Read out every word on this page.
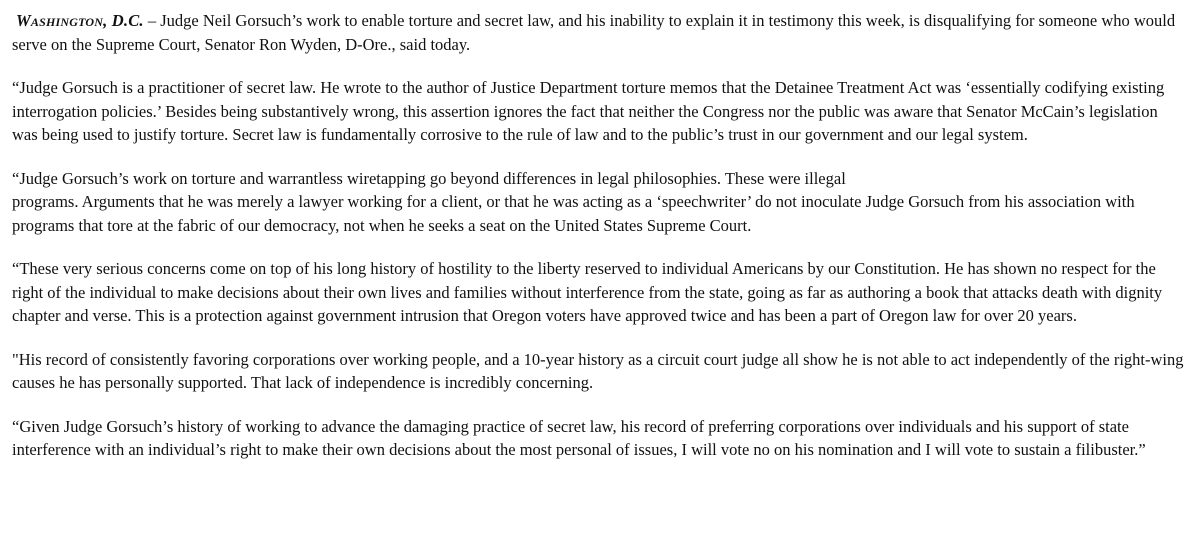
Washington, D.C. – Judge Neil Gorsuch’s work to enable torture and secret law, and his inability to explain it in testimony this week, is disqualifying for someone who would serve on the Supreme Court, Senator Ron Wyden, D-Ore., said today.

“Judge Gorsuch is a practitioner of secret law. He wrote to the author of Justice Department torture memos that the Detainee Treatment Act was ‘essentially codifying existing interrogation policies.’ Besides being substantively wrong, this assertion ignores the fact that neither the Congress nor the public was aware that Senator McCain’s legislation was being used to justify torture. Secret law is fundamentally corrosive to the rule of law and to the public’s trust in our government and our legal system.

“Judge Gorsuch’s work on torture and warrantless wiretapping go beyond differences in legal philosophies. These were illegal
programs. Arguments that he was merely a lawyer working for a client, or that he was acting as a ‘speechwriter’ do not inoculate Judge Gorsuch from his association with programs that tore at the fabric of our democracy, not when he seeks a seat on the United States Supreme Court.

“These very serious concerns come on top of his long history of hostility to the liberty reserved to individual Americans by our Constitution. He has shown no respect for the right of the individual to make decisions about their own lives and families without interference from the state, going as far as authoring a book that attacks death with dignity chapter and verse. This is a protection against government intrusion that Oregon voters have approved twice and has been a part of Oregon law for over 20 years.

"His record of consistently favoring corporations over working people, and a 10-year history as a circuit court judge all show he is not able to act independently of the right-wing causes he has personally supported. That lack of independence is incredibly concerning.

“Given Judge Gorsuch’s history of working to advance the damaging practice of secret law, his record of preferring corporations over individuals and his support of state interference with an individual’s right to make their own decisions about the most personal of issues, I will vote no on his nomination and I will vote to sustain a filibuster.”
